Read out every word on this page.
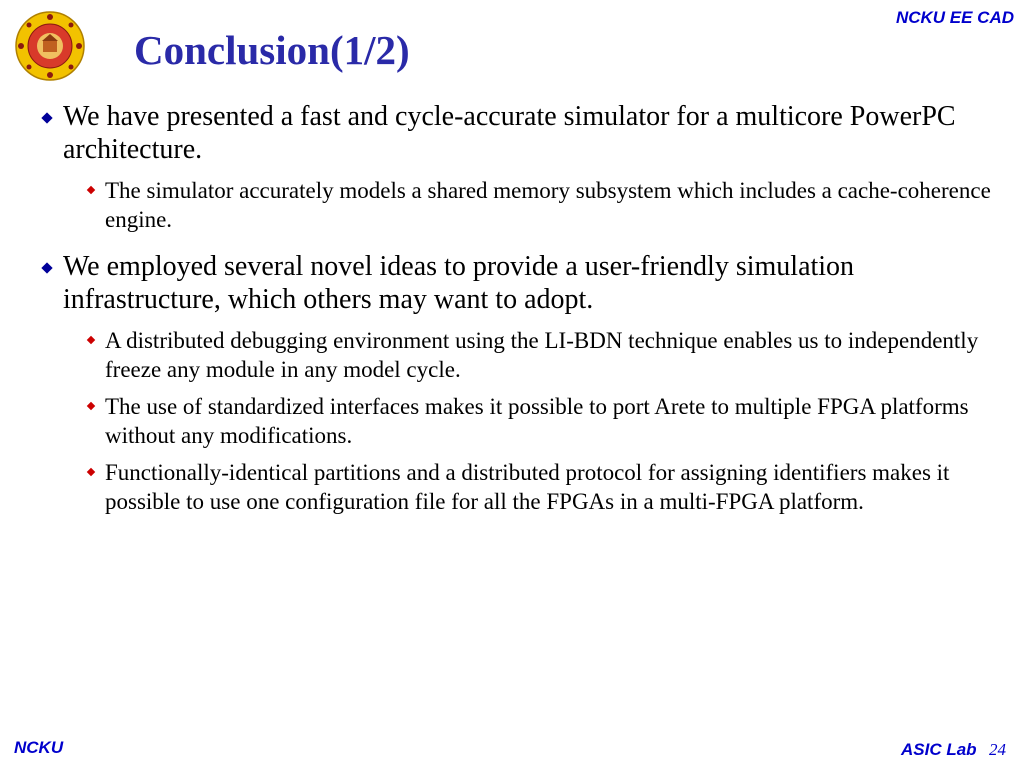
NCKU EE CAD
Conclusion(1/2)
We have presented a fast and cycle-accurate simulator for a multicore PowerPC architecture.
The simulator accurately models a shared memory subsystem which includes a cache-coherence engine.
We employed several novel ideas to provide a user-friendly simulation infrastructure, which others may want to adopt.
A distributed debugging environment using the LI-BDN technique enables us to independently freeze any module in any model cycle.
The use of standardized interfaces makes it possible to port Arete to multiple FPGA platforms without any modifications.
Functionally-identical partitions and a distributed protocol for assigning identifiers makes it possible to use one configuration file for all the FPGAs in a multi-FPGA platform.
NCKU	ASIC Lab 24
